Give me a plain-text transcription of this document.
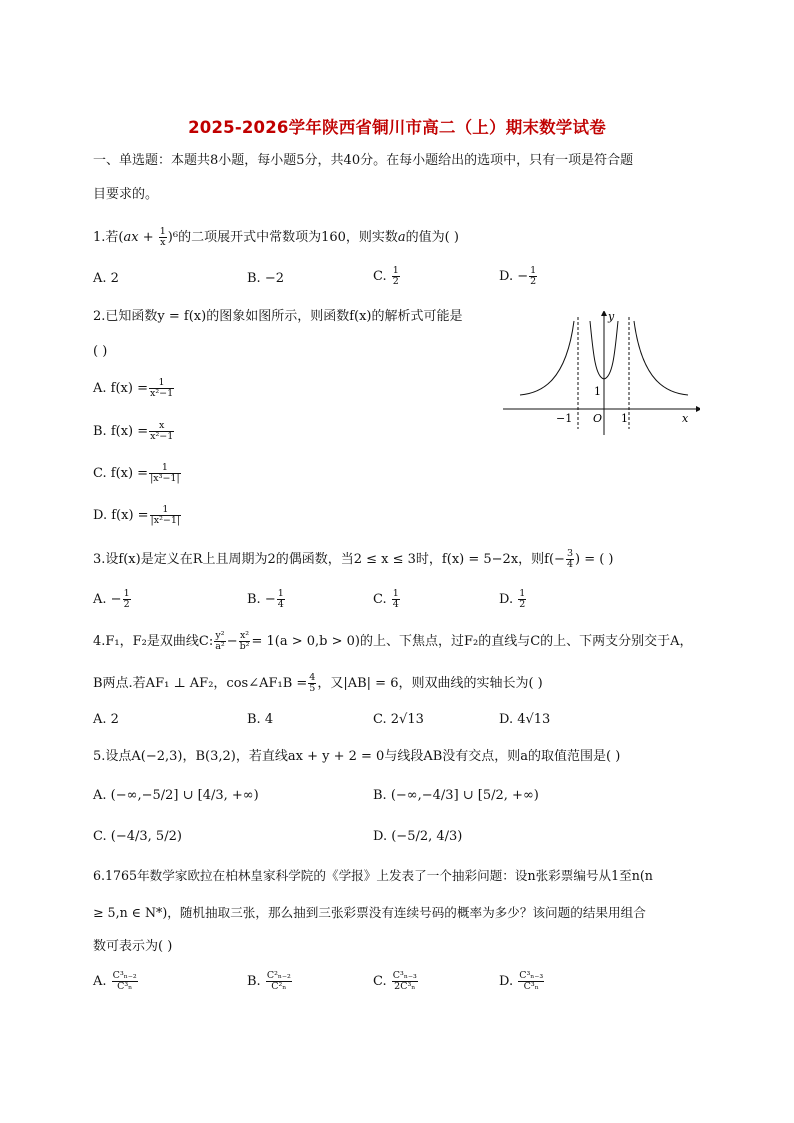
2025-2026学年陕西省铜川市高二（上）期末数学试卷
一、单选题：本题共8小题，每小题5分，共40分。在每小题给出的选项中，只有一项是符合题
目要求的。
1.若$(ax + \frac{1}{x} )^6$的二项展开式中常数项为160，则实数a的值为( )
A. 2	B. −2	C. $\frac{1}{2}$	D. − $\frac{1}{2}$
2.已知函数y = f(x)的图象如图所示，则函数f(x)的解析式可能是
( )
A. $f(x) = \frac{1}{\text{x²−1}}$
B. $f(x) = \frac{x}{\text{x²−1}}$
C. $f(x) = \frac{1}{\text{|x³−1|}}$
D. $f(x) = \frac{1}{\text{|x²−1|}}$
y
x
O
1
−1	1
3.设f(x)是定义在R上且周期为2的偶函数，当2 ≤ x ≤ 3时，f(x) = 5−2x，则$f(- \frac{3}{4}$ ) = ( )
A. − $\frac{1}{2}$	B. − $\frac{1}{4}$	C. $\frac{1}{4}$	D. $\frac{1}{2}$
4.F₁，F₂是双曲线C: $\frac{\text{y²}}{\text{a²}} - \frac{\text{x²}}{\text{b²}} = 1(a > 0,b > 0)$的上、下焦点，过F₂的直线与C的上、下两支分别交于A，
B两点.若AF₁ ⊥ AF₂，cos∠AF₁B = $\frac{4}{5}$ ，又|AB| = 6，则双曲线的实轴长为( )
A. 2	B. 4	C. 2√13	D. 4√13
5.设点A(−2,3)，B(3,2)，若直线ax + y + 2 = 0与线段AB没有交点，则a的取值范围是( )
A. (−∞,−5/2] ∪ [4/3, +∞)	B. (−∞,−4/3] ∪ [5/2, +∞)
C. (−4/3, 5/2)	D. (−5/2, 4/3)
6.1765年数学家欧拉在柏林皇家科学院的《学报》上发表了一个抽彩问题：设n张彩票编号从1至n(n
≥ 5,n ∈ N*)，随机抽取三张，那么抽到三张彩票没有连续号码的概率为多少？该问题的结果用组合
数可表示为( )
A. $\frac{\text{C³ₙ₋₂}}{\text{C³ₙ}}$	B. $\frac{\text{C²ₙ₋₂}}{\text{C²ₙ}}$	C. $\frac{\text{C³ₙ₋₃}}{\text{2C³ₙ}}$	D. $\frac{\text{C³ₙ₋₃}}{\text{C³ₙ}}$
